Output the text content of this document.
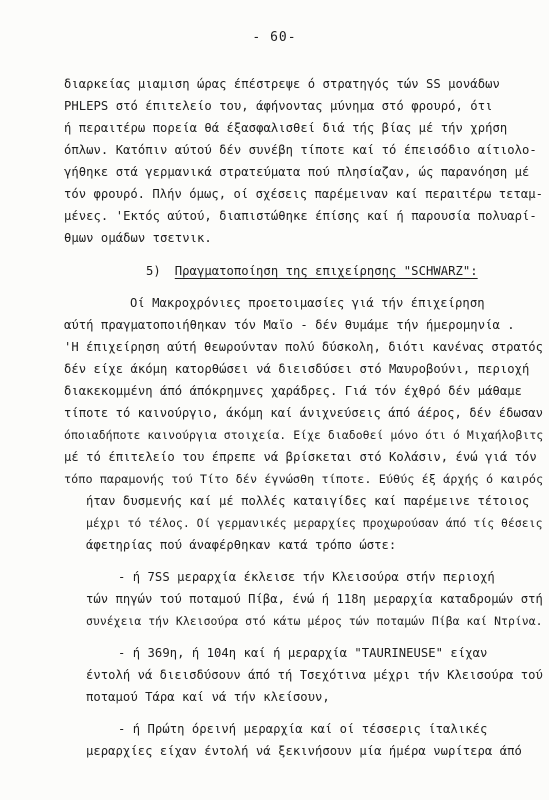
- 60-
διαρκείας μιαμιση ώρας έπέστρεψε ό στρατηγός τών SS μονάδων
PHLEPS στό έπιτελείο του, άφήνοντας μύνημα στό φρουρό, ότι
ή περαιτέρω πορεία θά έξασφαλισθεί διά τής βίας μέ τήν χρήση
όπλων. Κατόπιν αύτού δέν συνέβη τίποτε καί τό έπεισόδιο αίτιολο-
γήθηκε στά γερμανικά στρατεύματα πού πλησίαζαν, ώς παρανόηση μέ
τόν φρουρό. Πλήν όμως, οί σχέσεις παρέμειναν καί περαιτέρω τεταμ-
μένες. 'Εκτός αύτού, διαπιστώθηκε έπίσης καί ή παρουσία πολυαρί-
θμων ομάδων τσετνικ.
5) Πραγματοποίηση της επιχείρησης "SCHWARZ":
Οί Μακροχρόνιες προετοιμασίες γιά τήν έπιχείρηση
αύτή πραγματοποιήθηκαν τόν Μαϊο - δέν θυμάμε τήν ήμερομηνία .
'Η έπιχείρηση αύτή θεωρούνταν πολύ δύσκολη, διότι κανένας στρατός
δέν είχε άκόμη κατορθώσει νά διεισδύσει στό Μαυροβούνι, περιοχή
διακεκομμένη άπό άπόκρημνες χαράδρες. Γιά τόν έχθρό δέν μάθαμε
τίποτε τό καινούργιο, άκόμη καί άνιχνεύσεις άπό άέρος, δέν έδωσαν
όποιαδήποτε καινούργια στοιχεία. Είχε διαδοθεί μόνο ότι ό Μιχαήλοβιτς
μέ τό έπιτελείο του έπρεπε νά βρίσκεται στό Κολάσιν, ένώ γιά τόν
τόπο παραμονής τού Τίτο δέν έγνώσθη τίποτε. Εύθύς έξ άρχής ό καιρός
ήταν δυσμενής καί μέ πολλές καταιγίδες καί παρέμεινε τέτοιος
μέχρι τό τέλος. Οί γερμανικές μεραρχίες προχωρούσαν άπό τίς θέσεις
άφετηρίας πού άναφέρθηκαν κατά τρόπο ώστε:
- ή 7SS μεραρχία έκλεισε τήν Κλεισούρα στήν περιοχή
τών πηγών τού ποταμού Πίβα, ένώ ή 118η μεραρχία καταδρομών στή
συνέχεια τήν Κλεισούρα στό κάτω μέρος τών ποταμών Πίβα καί Ντρίνα.
- ή 369η, ή 104η καί ή μεραρχία "TAURINEUSE" είχαν
έντολή νά διεισδύσουν άπό τή Τσεχότινα μέχρι τήν Κλεισούρα τού
ποταμού Τάρα καί νά τήν κλείσουν,
- ή Πρώτη όρεινή μεραρχία καί οί τέσσερις ίταλικές
μεραρχίες είχαν έντολή νά ξεκινήσουν μία ήμέρα νωρίτερα άπό
